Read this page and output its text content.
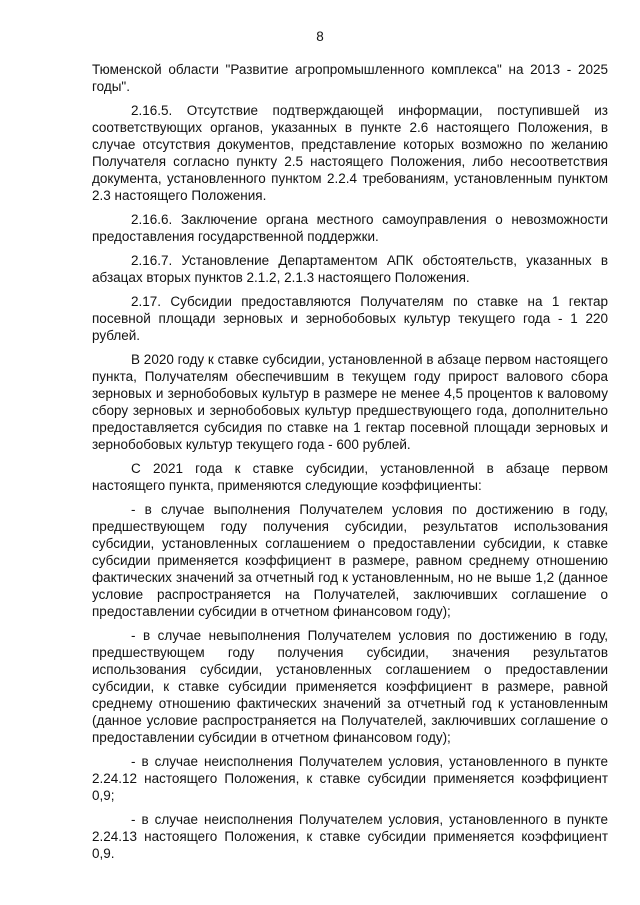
8

Тюменской области "Развитие агропромышленного комплекса" на 2013 - 2025 годы".

2.16.5. Отсутствие подтверждающей информации, поступившей из соответствующих органов, указанных в пункте 2.6 настоящего Положения, в случае отсутствия документов, представление которых возможно по желанию Получателя согласно пункту 2.5 настоящего Положения, либо несоответствия документа, установленного пунктом 2.2.4 требованиям, установленным пунктом 2.3 настоящего Положения.

2.16.6. Заключение органа местного самоуправления о невозможности предоставления государственной поддержки.

2.16.7. Установление Департаментом АПК обстоятельств, указанных в абзацах вторых пунктов 2.1.2, 2.1.3 настоящего Положения.

2.17. Субсидии предоставляются Получателям по ставке на 1 гектар посевной площади зерновых и зернобобовых культур текущего года - 1 220 рублей.

В 2020 году к ставке субсидии, установленной в абзаце первом настоящего пункта, Получателям обеспечившим в текущем году прирост валового сбора зерновых и зернобобовых культур в размере не менее 4,5 процентов к валовому сбору зерновых и зернобобовых культур предшествующего года, дополнительно предоставляется субсидия по ставке на 1 гектар посевной площади зерновых и зернобобовых культур текущего года - 600 рублей.

С 2021 года к ставке субсидии, установленной в абзаце первом настоящего пункта, применяются следующие коэффициенты:

- в случае выполнения Получателем условия по достижению в году, предшествующем году получения субсидии, результатов использования субсидии, установленных соглашением о предоставлении субсидии, к ставке субсидии применяется коэффициент в размере, равном среднему отношению фактических значений за отчетный год к установленным, но не выше 1,2 (данное условие распространяется на Получателей, заключивших соглашение о предоставлении субсидии в отчетном финансовом году);

- в случае невыполнения Получателем условия по достижению в году, предшествующем году получения субсидии, значения результатов использования субсидии, установленных соглашением о предоставлении субсидии, к ставке субсидии применяется коэффициент в размере, равной среднему отношению фактических значений за отчетный год к установленным (данное условие распространяется на Получателей, заключивших соглашение о предоставлении субсидии в отчетном финансовом году);

- в случае неисполнения Получателем условия, установленного в пункте 2.24.12 настоящего Положения, к ставке субсидии применяется коэффициент 0,9;

- в случае неисполнения Получателем условия, установленного в пункте 2.24.13 настоящего Положения, к ставке субсидии применяется коэффициент 0,9.
